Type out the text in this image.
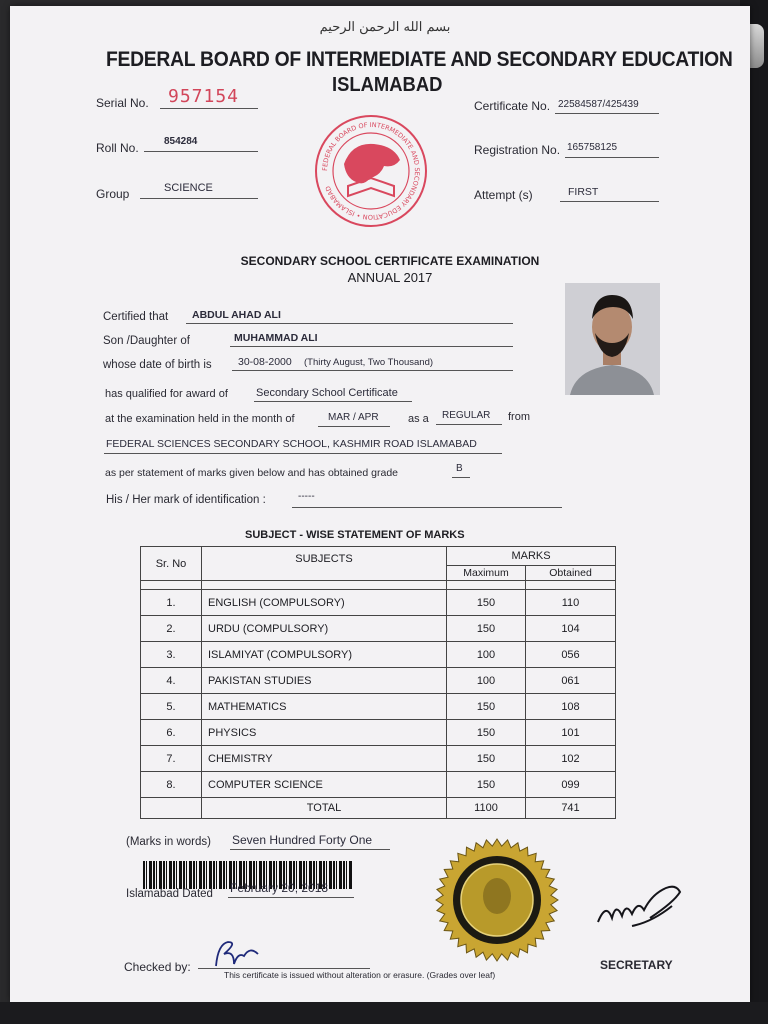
بسم الله الرحمن الرحيم
FEDERAL BOARD OF INTERMEDIATE AND SECONDARY EDUCATION
ISLAMABAD
Serial No. 957154
Roll No.	854284
Group	SCIENCE
Certificate No. 22584587/425439
Registration No. 165758125
Attempt (s)	FIRST
FEDERAL BOARD OF INTERMEDIATE AND SECONDARY EDUCATION • ISLAMABAD
SECONDARY SCHOOL CERTIFICATE EXAMINATION
ANNUAL 2017
Certified that ABDUL AHAD ALI
Son /Daughter of	MUHAMMAD ALI
whose date of birth is	30-08-2000 (Thirty August, Two Thousand)
has qualified for award of	Secondary School Certificate
at the examination held in the month of	MAR / APR	as a REGULAR from
FEDERAL SCIENCES SECONDARY SCHOOL, KASHMIR ROAD ISLAMABAD
as per statement of marks given below and has obtained grade	B
His / Her mark of identification :	-----
SUBJECT - WISE STATEMENT OF MARKS
Sr. No	SUBJECTS	MARKS	
		Maximum	Obtained

1.	ENGLISH (COMPULSORY)	150	110
2.	URDU (COMPULSORY)	150	104
3.	ISLAMIYAT (COMPULSORY)	100	056
4.	PAKISTAN STUDIES	100	061
5.	MATHEMATICS	150	108
6.	PHYSICS	150	101
7.	CHEMISTRY	150	102
8.	COMPUTER SCIENCE	150	099
	TOTAL	1100	741
(Marks in words) Seven Hundred Forty One
Islamabad Dated February 20, 2018
SECRETARY
Checked by:
This certificate is issued without alteration or erasure. (Grades over leaf)
